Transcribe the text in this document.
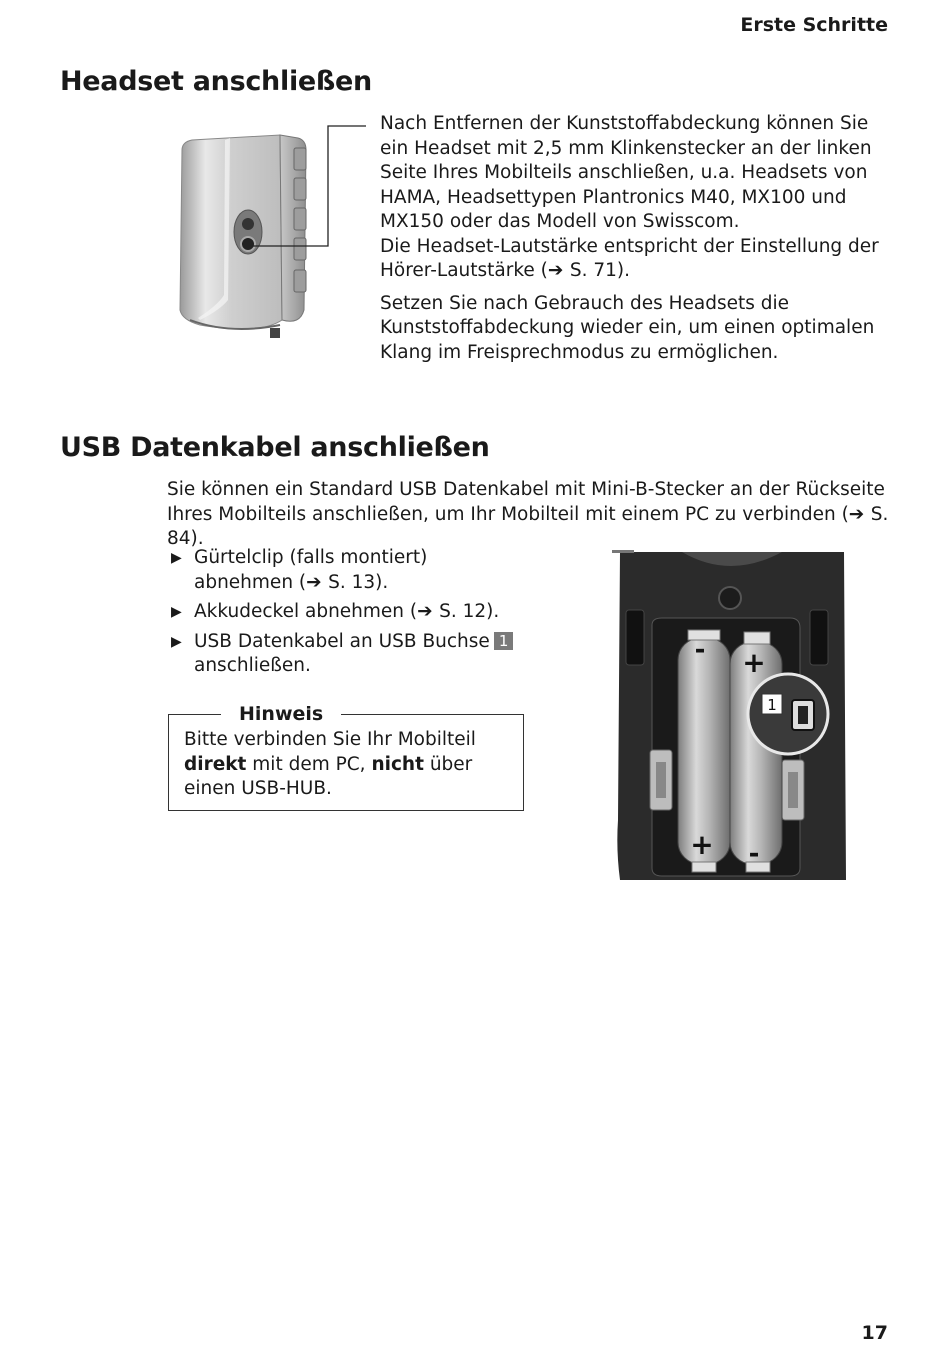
Erste Schritte
Headset anschließen

Nach Entfernen der Kunststoffabdeckung können Sie ein Headset mit 2,5 mm Klinkenstecker an der linken Seite Ihres Mobilteils anschließen, u.a. Headsets von HAMA, Headsettypen Plantronics M40, MX100 und MX150 oder das Modell von Swisscom.

Die Headset-Lautstärke entspricht der Einstellung der Hörer-Lautstärke (➔ S. 71).

Setzen Sie nach Gebrauch des Headsets die Kunststoffabdeckung wieder ein, um einen optimalen Klang im Freisprechmodus zu ermöglichen.

USB Datenkabel anschließen
Sie können ein Standard USB Datenkabel mit Mini-B-Stecker an der Rückseite Ihres Mobilteils anschließen, um Ihr Mobilteil mit einem PC zu verbinden (➔ S. 84).
▶ Gürtelclip (falls montiert) abnehmen (➔ S. 13).
▶ Akkudeckel abnehmen (➔ S. 12).
▶ USB Datenkabel an USB Buchse 1 anschließen.
Hinweis
Bitte verbinden Sie Ihr Mobilteil direkt mit dem PC, nicht über einen USB-HUB.
-
+
+
-
1
17
